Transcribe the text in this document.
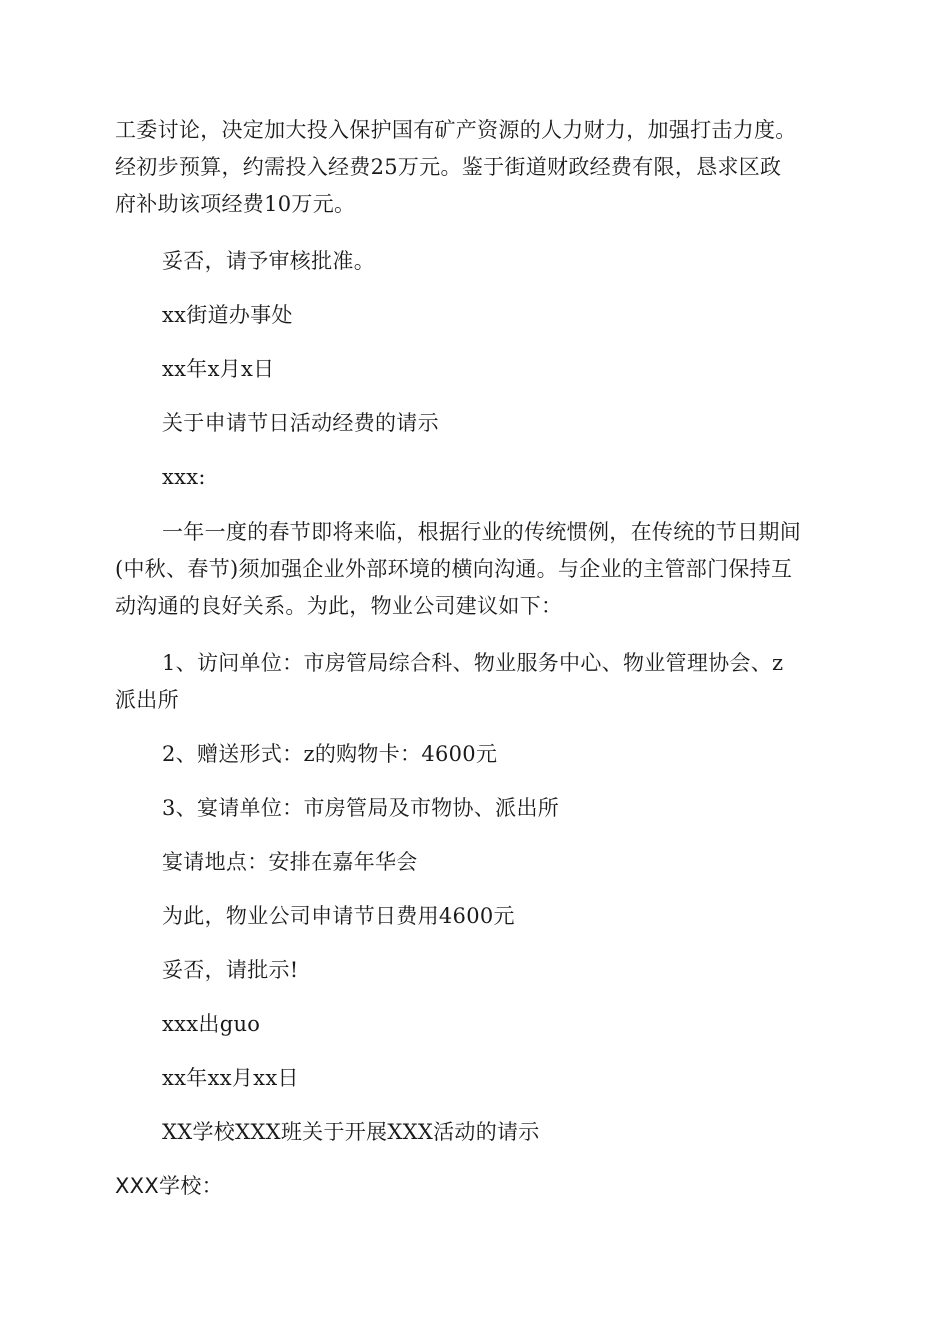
工委讨论，决定加大投入保护国有矿产资源的人力财力，加强打击力度。
经初步预算，约需投入经费25万元。鉴于街道财政经费有限，恳求区政
府补助该项经费10万元。
妥否，请予审核批准。
xx街道办事处
xx年x月x日
关于申请节日活动经费的请示
xxx:
一年一度的春节即将来临，根据行业的传统惯例，在传统的节日期间
(中秋、春节)须加强企业外部环境的横向沟通。与企业的主管部门保持互
动沟通的良好关系。为此，物业公司建议如下：
1、访问单位：市房管局综合科、物业服务中心、物业管理协会、z
派出所
2、赠送形式：z的购物卡：4600元
3、宴请单位：市房管局及市物协、派出所
宴请地点：安排在嘉年华会
为此，物业公司申请节日费用4600元
妥否，请批示!
xxx出guo
xx年xx月xx日
XX学校XXX班关于开展XXX活动的请示
XXX学校：
